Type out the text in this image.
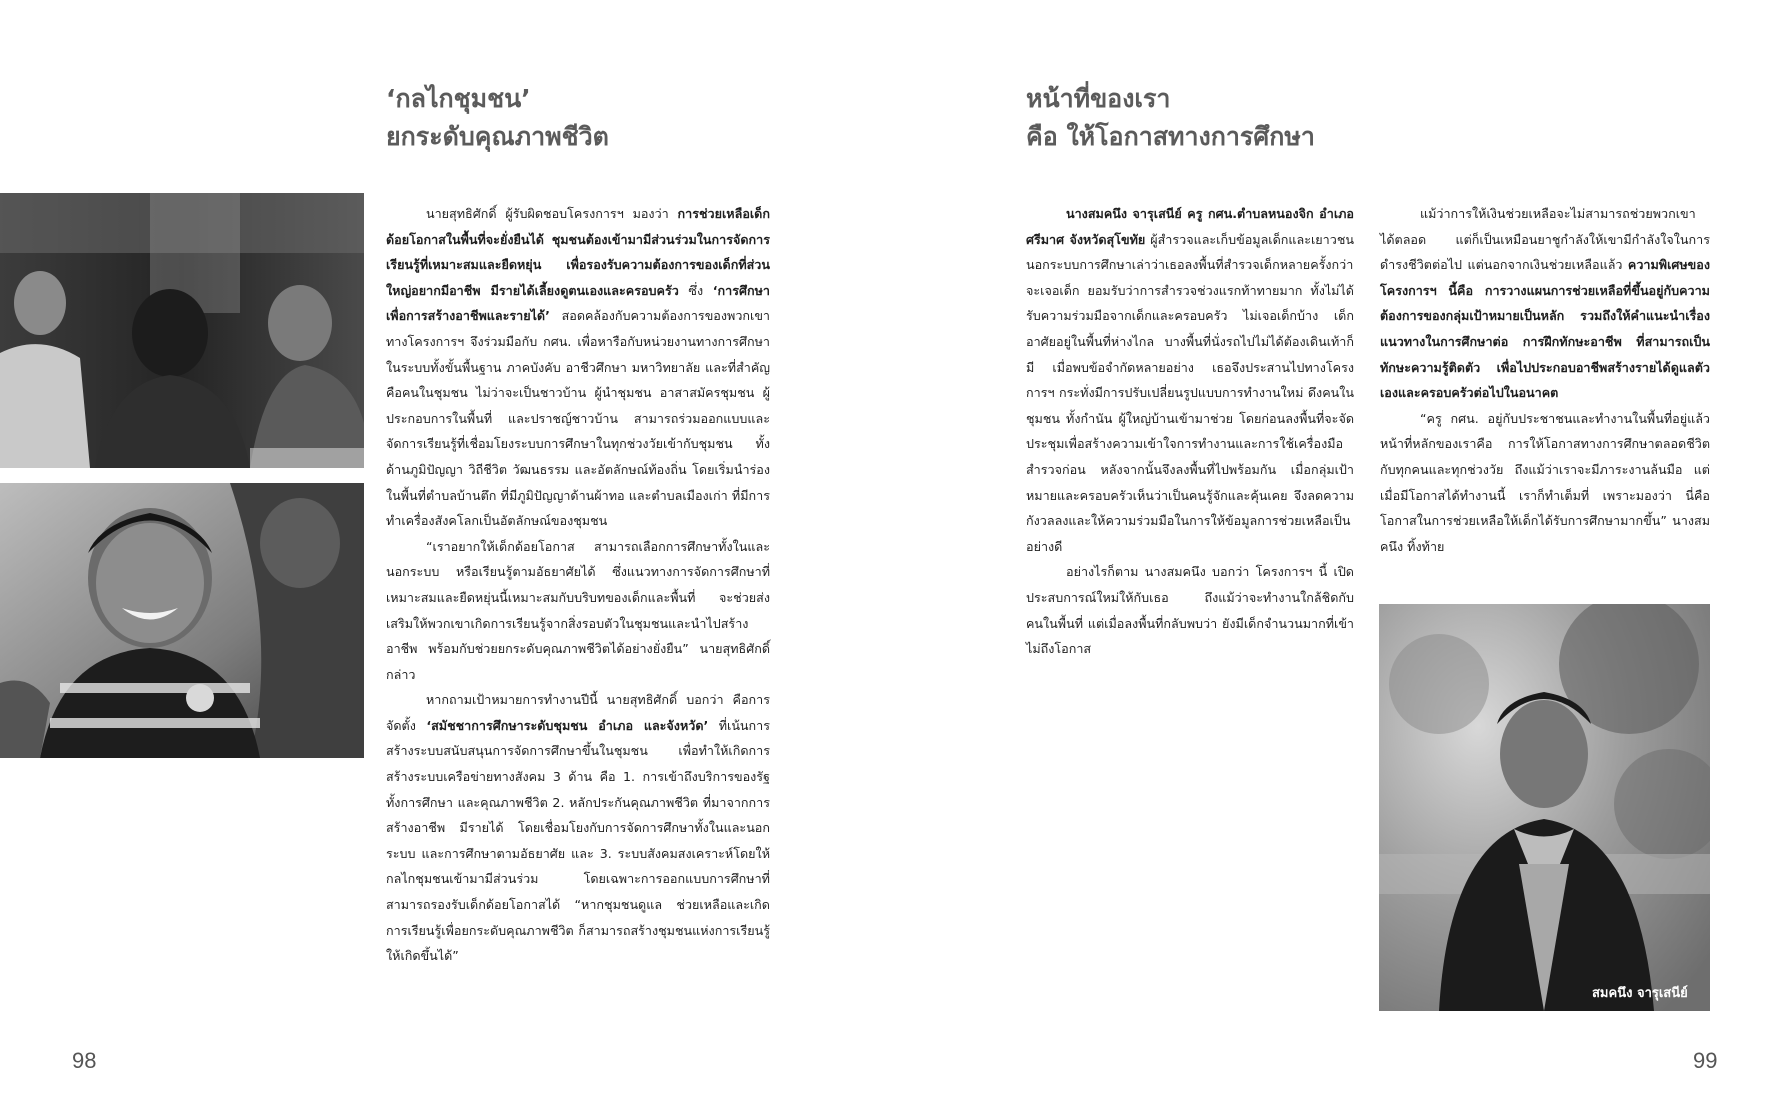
‘กลไกชุมชน’
ยกระดับคุณภาพชีวิต

นายสุทธิศักดิ์ ผู้รับผิดชอบโครงการฯ มองว่า การช่วยเหลือเด็กด้อยโอกาสในพื้นที่จะยั่งยืนได้ ชุมชนต้องเข้ามามีส่วนร่วมในการจัดการเรียนรู้ที่เหมาะสมและยืดหยุ่น เพื่อรองรับความต้องการของเด็กที่ส่วนใหญ่อยากมีอาชีพ มีรายได้เลี้ยงดูตนเองและครอบครัว ซึ่ง ‘การศึกษาเพื่อการสร้างอาชีพและรายได้’ สอดคล้องกับความต้องการของพวกเขา ทางโครงการฯ จึงร่วมมือกับ กศน. เพื่อหารือกับหน่วยงานทางการศึกษาในระบบทั้งขั้นพื้นฐาน ภาคบังคับ อาชีวศึกษา มหาวิทยาลัย และที่สำคัญคือคนในชุมชน ไม่ว่าจะเป็นชาวบ้าน ผู้นำชุมชน อาสาสมัครชุมชน ผู้ประกอบการในพื้นที่ และปราชญ์ชาวบ้าน สามารถร่วมออกแบบและจัดการเรียนรู้ที่เชื่อมโยงระบบการศึกษาในทุกช่วงวัยเข้ากับชุมชน ทั้งด้านภูมิปัญญา วิถีชีวิต วัฒนธรรม และอัตลักษณ์ท้องถิ่น โดยเริ่มนำร่องในพื้นที่ตำบลบ้านตึก ที่มีภูมิปัญญาด้านผ้าทอ และตำบลเมืองเก่า ที่มีการทำเครื่องสังคโลกเป็นอัตลักษณ์ของชุมชน

“เราอยากให้เด็กด้อยโอกาส สามารถเลือกการศึกษาทั้งในและนอกระบบ หรือเรียนรู้ตามอัธยาศัยได้ ซึ่งแนวทางการจัดการศึกษาที่เหมาะสมและยืดหยุ่นนี้เหมาะสมกับบริบทของเด็กและพื้นที่ จะช่วยส่งเสริมให้พวกเขาเกิดการเรียนรู้จากสิ่งรอบตัวในชุมชนและนำไปสร้างอาชีพ พร้อมกับช่วยยกระดับคุณภาพชีวิตได้อย่างยั่งยืน” นายสุทธิศักดิ์ กล่าว

หากถามเป้าหมายการทำงานปีนี้ นายสุทธิศักดิ์ บอกว่า คือการจัดตั้ง ‘สมัชชาการศึกษาระดับชุมชน อำเภอ และจังหวัด’ ที่เน้นการสร้างระบบสนับสนุนการจัดการศึกษาขึ้นในชุมชน เพื่อทำให้เกิดการสร้างระบบเครือข่ายทางสังคม 3 ด้าน คือ 1. การเข้าถึงบริการของรัฐ ทั้งการศึกษา และคุณภาพชีวิต 2. หลักประกันคุณภาพชีวิต ที่มาจากการสร้างอาชีพ มีรายได้ โดยเชื่อมโยงกับการจัดการศึกษาทั้งในและนอกระบบ และการศึกษาตามอัธยาศัย และ 3. ระบบสังคมสงเคราะห์โดยให้กลไกชุมชนเข้ามามีส่วนร่วม โดยเฉพาะการออกแบบการศึกษาที่สามารถรองรับเด็กด้อยโอกาสได้ “หากชุมชนดูแล ช่วยเหลือและเกิดการเรียนรู้เพื่อยกระดับคุณภาพชีวิต ก็สามารถสร้างชุมชนแห่งการเรียนรู้ให้เกิดขึ้นได้”

98
หน้าที่ของเรา
คือ ให้โอกาสทางการศึกษา

นางสมคนึง จารุเสนีย์ ครู กศน.ตำบลหนองจิก อำเภอศรีมาศ จังหวัดสุโขทัย ผู้สำรวจและเก็บข้อมูลเด็กและเยาวชนนอกระบบการศึกษาเล่าว่าเธอลงพื้นที่สำรวจเด็กหลายครั้งกว่าจะเจอเด็ก ยอมรับว่าการสำรวจช่วงแรกท้าทายมาก ทั้งไม่ได้รับความร่วมมือจากเด็กและครอบครัว ไม่เจอเด็กบ้าง เด็กอาศัยอยู่ในพื้นที่ห่างไกล บางพื้นที่นั่งรถไปไม่ได้ต้องเดินเท้าก็มี เมื่อพบข้อจำกัดหลายอย่าง เธอจึงประสานไปทางโครงการฯ กระทั่งมีการปรับเปลี่ยนรูปแบบการทำงานใหม่ ดึงคนในชุมชน ทั้งกำนัน ผู้ใหญ่บ้านเข้ามาช่วย โดยก่อนลงพื้นที่จะจัดประชุมเพื่อสร้างความเข้าใจการทำงานและการใช้เครื่องมือสำรวจก่อน หลังจากนั้นจึงลงพื้นที่ไปพร้อมกัน เมื่อกลุ่มเป้าหมายและครอบครัวเห็นว่าเป็นคนรู้จักและคุ้นเคย จึงลดความกังวลลงและให้ความร่วมมือในการให้ข้อมูลการช่วยเหลือเป็นอย่างดี

อย่างไรก็ตาม นางสมคนึง บอกว่า โครงการฯ นี้ เปิดประสบการณ์ใหม่ให้กับเธอ ถึงแม้ว่าจะทำงานใกล้ชิดกับคนในพื้นที่ แต่เมื่อลงพื้นที่กลับพบว่า ยังมีเด็กจำนวนมากที่เข้าไม่ถึงโอกาส

แม้ว่าการให้เงินช่วยเหลือจะไม่สามารถช่วยพวกเขาได้ตลอด แต่ก็เป็นเหมือนยาชูกำลังให้เขามีกำลังใจในการดำรงชีวิตต่อไป แต่นอกจากเงินช่วยเหลือแล้ว ความพิเศษของโครงการฯ นี้คือ การวางแผนการช่วยเหลือที่ขึ้นอยู่กับความต้องการของกลุ่มเป้าหมายเป็นหลัก รวมถึงให้คำแนะนำเรื่องแนวทางในการศึกษาต่อ การฝึกทักษะอาชีพ ที่สามารถเป็นทักษะความรู้ติดตัว เพื่อไปประกอบอาชีพสร้างรายได้ดูแลตัวเองและครอบครัวต่อไปในอนาคต

“ครู กศน. อยู่กับประชาชนและทำงานในพื้นที่อยู่แล้ว หน้าที่หลักของเราคือ การให้โอกาสทางการศึกษาตลอดชีวิตกับทุกคนและทุกช่วงวัย ถึงแม้ว่าเราจะมีภาระงานล้นมือ แต่เมื่อมีโอกาสได้ทำงานนี้ เราก็ทำเต็มที่ เพราะมองว่า นี่คือโอกาสในการช่วยเหลือให้เด็กได้รับการศึกษามากขึ้น” นางสมคนึง ทิ้งท้าย

สมคนึง จารุเสนีย์
99
